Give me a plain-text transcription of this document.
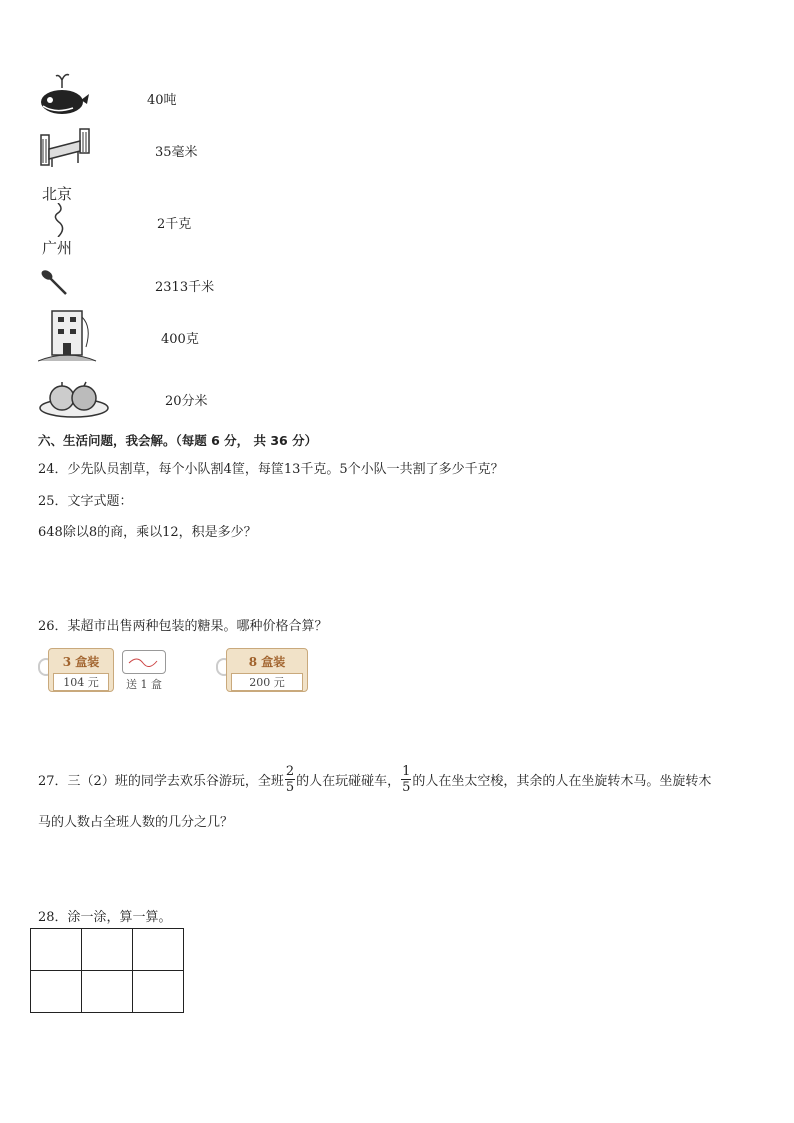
北京
广州
40吨
35毫米
2千克
2313千米
400克
20分米
六、生活问题，我会解。（每题 6 分， 共 36 分）
24．少先队员割草，每个小队割4筐，每筐13千克。5个小队一共割了多少千克？
25．文字式题：
648除以8的商，乘以12，积是多少？
26．某超市出售两种包装的糖果。哪种价格合算？
3 盒装
104 元	送 1 盒
8 盒装
200 元
27．三（2）班的同学去欢乐谷游玩，全班 $\frac{2}{5}$ 的人在玩碰碰车， $\frac{1}{5}$ 的人在坐太空梭，其余的人在坐旋转木马。坐旋转木
马的人数占全班人数的几分之几？
28．涂一涂，算一算。
